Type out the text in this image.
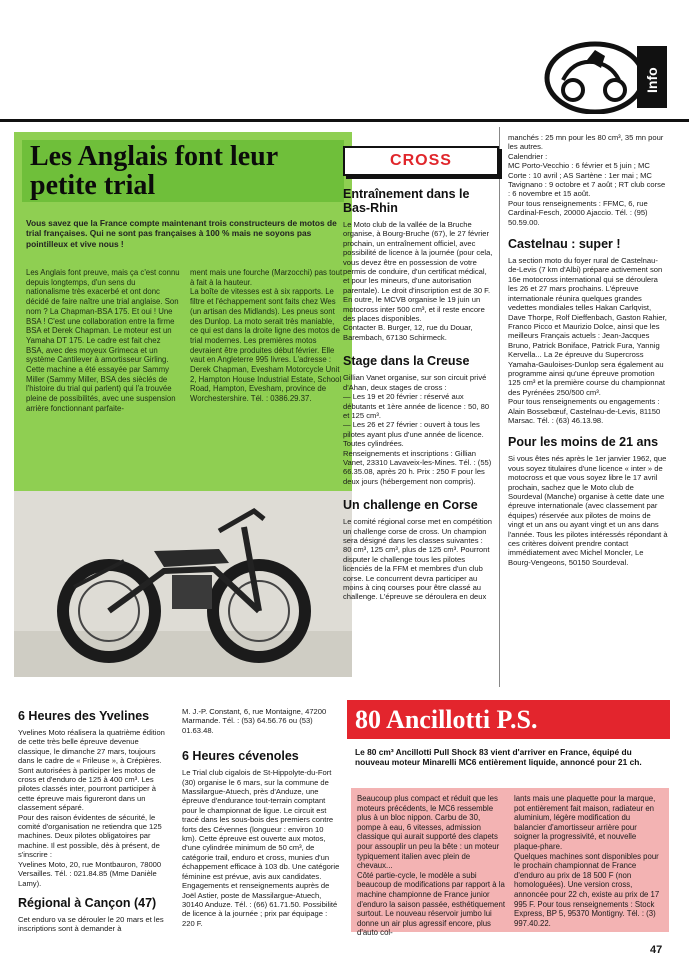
Info
Les Anglais font leur petite trial
Vous savez que la France compte maintenant trois constructeurs de motos de trial françaises. Qui ne sont pas françaises à 100 % mais ne soyons pas pointilleux et vive nous !
Les Anglais font preuve, mais ça c'est connu depuis longtemps, d'un sens du nationalisme très exacerbé et ont donc décidé de faire naître une trial anglaise. Son nom ? La Chapman-BSA 175. Et oui ! Une BSA ! C'est une collaboration entre la firme BSA et Derek Chapman. Le moteur est un Yamaha DT 175. Le cadre est fait chez BSA, avec des moyeux Grimeca et un système Cantilever à amortisseur Girling. Cette machine a été essayée par Sammy Miller (Sammy Miller, BSA des sièclés de l'histoire du trial qui parlent) qui l'a trouvée pleine de possibilités, avec une suspension arrière fonctionnant parfaite-
ment mais une fourche (Marzocchi) pas tout à fait à la hauteur.
La boîte de vitesses est à six rapports. Le filtre et l'échappement sont faits chez Wes (un artisan des Midlands). Les pneus sont des Dunlop. La moto serait très maniable, ce qui est dans la droite ligne des motos de trial modernes. Les premières motos devraient être produites début février. Elle vaut en Angleterre 995 livres. L'adresse : Derek Chapman, Evesham Motorcycle Unit 2, Hampton House Industrial Estate, School Road, Hampton, Evesham, province de Worchestershire. Tél. : 0386.29.37.
CROSS
Entraînement dans le Bas-Rhin
Le Moto club de la vallée de la Bruche organise, à Bourg-Bruche (67), le 27 février prochain, un entraînement officiel, avec possibilité de licence à la journée (pour cela, vous devez être en possession de votre permis de conduire, d'un certificat médical, et pour les mineurs, d'une autorisation parentale). Le droit d'inscription est de 30 F. En outre, le MCVB organise le 19 juin un motocross inter 500 cm³, et il reste encore des places disponibles.
Contacter B. Burger, 12, rue du Douar, Barembach, 67130 Schirmeck.
Stage dans la Creuse
Gillian Vanet organise, sur son circuit privé d'Ahan, deux stages de cross :
— Les 19 et 20 février : réservé aux débutants et 1ère année de licence : 50, 80 et 125 cm³.
— Les 26 et 27 février : ouvert à tous les pilotes ayant plus d'une année de licence. Toutes cylindrées.
Renseignements et inscriptions : Gillian Vanet, 23310 Lavaveix-les-Mines. Tél. : (55) 66.35.08, après 20 h. Prix : 250 F pour les deux jours (hébergement non compris).
Un challenge en Corse
Le comité régional corse met en compétition un challenge corse de cross. Un champion sera désigné dans les classes suivantes : 80 cm³, 125 cm³, plus de 125 cm³. Pourront disputer le challenge tous les pilotes licenciés de la FFM et membres d'un club corse. Le concurrent devra participer au moins à cinq courses pour être classé au challenge. L'épreuve se déroulera en deux
manchés : 25 mn pour les 80 cm³, 35 mn pour les autres.
Calendrier :
MC Porto-Vecchio : 6 février et 5 juin ; MC Corte : 10 avril ; AS Sartène : 1er mai ; MC Tavignano : 9 octobre et 7 août ; RT club corse : 6 novembre et 15 août.
Pour tous renseignements : FFMC, 6, rue Cardinal-Fesch, 20000 Ajaccio. Tél. : (95) 50.59.00.
Castelnau : super !
La section moto du foyer rural de Castelnau-de-Levis (7 km d'Albi) prépare activement son 16e motocross international qui se déroulera les 26 et 27 mars prochains. L'épreuve internationale réunira quelques grandes vedettes mondiales telles Hakan Carlqvist, Dave Thorpe, Rolf Dieffenbach, Gaston Rahier, Franco Picco et Maurizio Dolce, ainsi que les meilleurs Français actuels : Jean-Jacques Bruno, Patrick Boniface, Patrick Fura, Yannig Kervella... La 2e épreuve du Supercross Yamaha-Gauloises-Dunlop sera également au programme ainsi qu'une épreuve promotion 125 cm³ et la première course du championnat des Pyrénées 250/500 cm³.
Pour tous renseignements ou engagements : Alain Bossebœuf, Castelnau-de-Levis, 81150 Marsac. Tél. : (63) 46.13.98.
Pour les moins de 21 ans
Si vous êtes nés après le 1er janvier 1962, que vous soyez titulaires d'une licence « inter » de motocross et que vous soyez libre le 17 avril prochain, sachez que le Moto club de Sourdeval (Manche) organise à cette date une épreuve internationale (avec classement par équipes) réservée aux pilotes de moins de vingt et un ans ou ayant vingt et un ans dans l'année. Tous les pilotes intéressés répondant à ces critères doivent prendre contact immédiatement avec Michel Moncler, Le Bourg-Vengeons, 50150 Sourdeval.
6 Heures des Yvelines
Yvelines Moto réalisera la quatrième édition de cette très belle épreuve devenue classique, le dimanche 27 mars, toujours dans le cadre de « Frileuse », à Crépières. Sont autorisées à participer les motos de cross et d'enduro de 125 à 400 cm³. Les pilotes classés inter, pourront participer à cette épreuve mais figureront dans un classement séparé.
Pour des raison évidentes de sécurité, le comité d'organisation ne retiendra que 125 machines. Deux pilotes obligatoires par machine. Il est possible, dès à présent, de s'inscrire :
Yvelines Moto, 20, rue Montbauron, 78000 Versailles. Tél. : 021.84.85 (Mme Danièle Lamy).
Régional à Cançon (47)
Cet enduro va se dérouler le 20 mars et les inscriptions sont à demander à
M. J.-P. Constant, 6, rue Montaigne, 47200 Marmande. Tél. : (53) 64.56.76 ou (53) 01.63.48.
6 Heures cévenoles
Le Trial club cigalois de St-Hippolyte-du-Fort (30) organise le 6 mars, sur la commune de Massilargue-Atuech, près d'Anduze, une épreuve d'endurance tout-terrain comptant pour le championnat de ligue. Le circuit est tracé dans les sous-bois des premiers contre forts des Cévennes (longueur : environ 10 km). Cette épreuve est ouverte aux motos, d'une cylindrée minimum de 50 cm³, de catégorie trail, enduro et cross, munies d'un échappement efficace à 103 db. Une catégorie féminine est prévue, avis aux candidates. Engagements et renseignements auprès de Joël Astier, poste de Massilargue-Atuech, 30140 Anduze. Tél. : (66) 61.71.50. Possibilité de licence à la journée ; prix par équipage : 220 F.
80 Ancillotti P.S.
Le 80 cm³ Ancillotti Pull Shock 83 vient d'arriver en France, équipé du nouveau moteur Minarelli MC6 entièrement liquide, annoncé pour 21 ch.
Beaucoup plus compact et réduit que les moteurs précédents, le MC6 ressemble plus à un bloc nippon. Carbu de 30, pompe à eau, 6 vitesses, admission classique qui aurait supporté des clapets pour assouplir un peu la bête : un moteur typiquement italien avec plein de chevaux...
Côté partie-cycle, le modèle a subi beaucoup de modifications par rapport à la machine championne de France junior d'enduro la saison passée, esthétiquement surtout. Le nouveau réservoir jumbo lui donne un air plus agressif encore, plus d'auto col-
lants mais une plaquette pour la marque, pot entièrement fait maison, radiateur en aluminium, légère modification du balancier d'amortisseur arrière pour soigner la progressivité, et nouvelle plaque-phare.
Quelques machines sont disponibles pour le prochain championnat de France d'enduro au prix de 18 500 F (non homologuées). Une version cross, annoncée pour 22 ch, existe au prix de 17 995 F. Pour tous renseignements : Stock Express, BP 5, 95370 Montigny. Tél. : (3) 997.40.22.
47
